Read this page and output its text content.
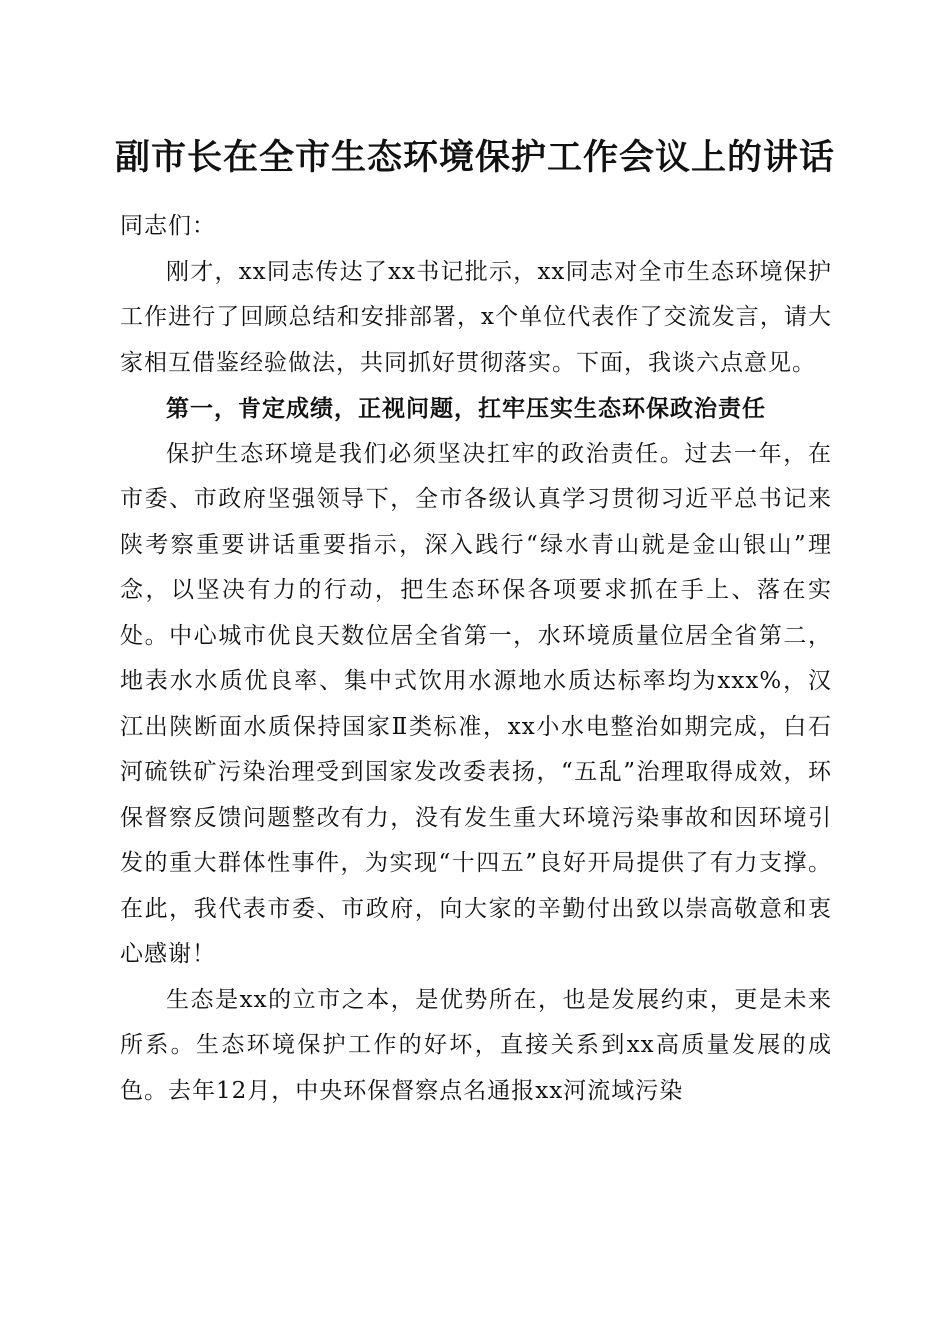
副市长在全市生态环境保护工作会议上的讲话

同志们：

刚才，xx同志传达了xx书记批示，xx同志对全市生态环境保护工作进行了回顾总结和安排部署，x个单位代表作了交流发言，请大家相互借鉴经验做法，共同抓好贯彻落实。下面，我谈六点意见。

第一，肯定成绩，正视问题，扛牢压实生态环保政治责任

保护生态环境是我们必须坚决扛牢的政治责任。过去一年，在市委、市政府坚强领导下，全市各级认真学习贯彻习近平总书记来陕考察重要讲话重要指示，深入践行“绿水青山就是金山银山”理念，以坚决有力的行动，把生态环保各项要求抓在手上、落在实处。中心城市优良天数位居全省第一，水环境质量位居全省第二，地表水水质优良率、集中式饮用水源地水质达标率均为xxx%，汉江出陕断面水质保持国家Ⅱ类标准，xx小水电整治如期完成，白石河硫铁矿污染治理受到国家发改委表扬，“五乱”治理取得成效，环保督察反馈问题整改有力，没有发生重大环境污染事故和因环境引发的重大群体性事件，为实现“十四五”良好开局提供了有力支撑。在此，我代表市委、市政府，向大家的辛勤付出致以崇高敬意和衷心感谢！

生态是xx的立市之本，是优势所在，也是发展约束，更是未来所系。生态环境保护工作的好坏，直接关系到xx高质量发展的成色。去年12月，中央环保督察点名通报xx河流域污染
